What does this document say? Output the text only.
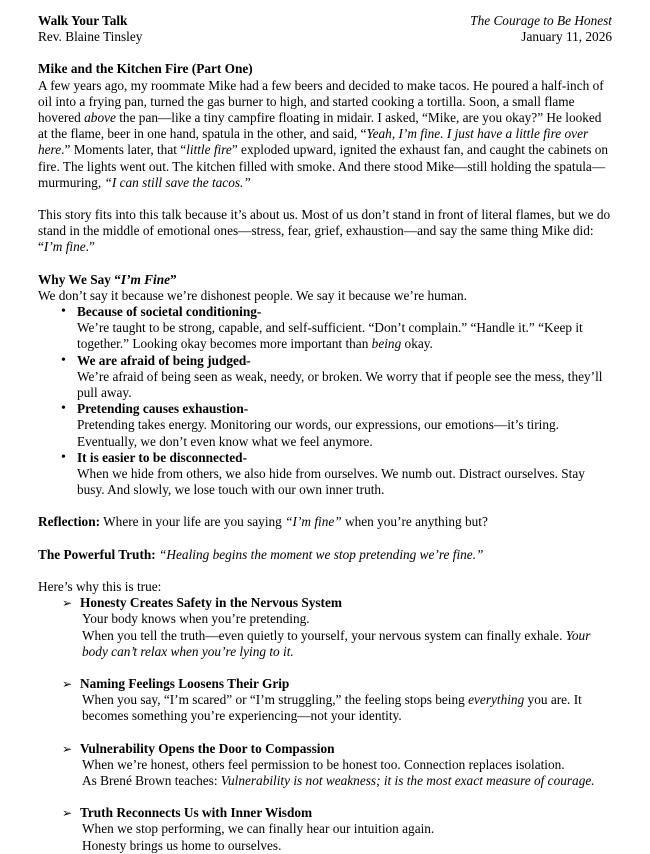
Walk Your Talk
Rev. Blaine Tinsley
The Courage to Be Honest
January 11, 2026
Mike and the Kitchen Fire (Part One)

A few years ago, my roommate Mike had a few beers and decided to make tacos. He poured a half-inch of oil into a frying pan, turned the gas burner to high, and started cooking a tortilla. Soon, a small flame hovered above the pan—like a tiny campfire floating in midair. I asked, “Mike, are you okay?” He looked at the flame, beer in one hand, spatula in the other, and said, “Yeah, I’m fine. I just have a little fire over here.” Moments later, that “little fire” exploded upward, ignited the exhaust fan, and caught the cabinets on fire. The lights went out. The kitchen filled with smoke. And there stood Mike—still holding the spatula—murmuring, “I can still save the tacos.”

This story fits into this talk because it’s about us. Most of us don’t stand in front of literal flames, but we do stand in the middle of emotional ones—stress, fear, grief, exhaustion—and say the same thing Mike did: “I’m fine.”

Why We Say “I’m Fine”

We don’t say it because we’re dishonest people. We say it because we’re human.

• Because of societal conditioning-
We’re taught to be strong, capable, and self-sufficient. “Don’t complain.” “Handle it.” “Keep it together.” Looking okay becomes more important than being okay.
• We are afraid of being judged-
We’re afraid of being seen as weak, needy, or broken. We worry that if people see the mess, they’ll pull away.
• Pretending causes exhaustion-
Pretending takes energy. Monitoring our words, our expressions, our emotions—it’s tiring. Eventually, we don’t even know what we feel anymore.
• It is easier to be disconnected-
When we hide from others, we also hide from ourselves. We numb out. Distract ourselves. Stay busy. And slowly, we lose touch with our own inner truth.

Reflection: Where in your life are you saying “I’m fine” when you’re anything but?

The Powerful Truth: “Healing begins the moment we stop pretending we’re fine.”

Here’s why this is true:

➢ Honesty Creates Safety in the Nervous System
Your body knows when you’re pretending.
When you tell the truth—even quietly to yourself, your nervous system can finally exhale. Your body can’t relax when you’re lying to it.
➢ Naming Feelings Loosens Their Grip
When you say, “I’m scared” or “I’m struggling,” the feeling stops being everything you are. It becomes something you’re experiencing—not your identity.
➢ Vulnerability Opens the Door to Compassion
When we’re honest, others feel permission to be honest too. Connection replaces isolation.
As Brené Brown teaches: Vulnerability is not weakness; it is the most exact measure of courage.
➢ Truth Reconnects Us with Inner Wisdom
When we stop performing, we can finally hear our intuition again.
Honesty brings us home to ourselves.
